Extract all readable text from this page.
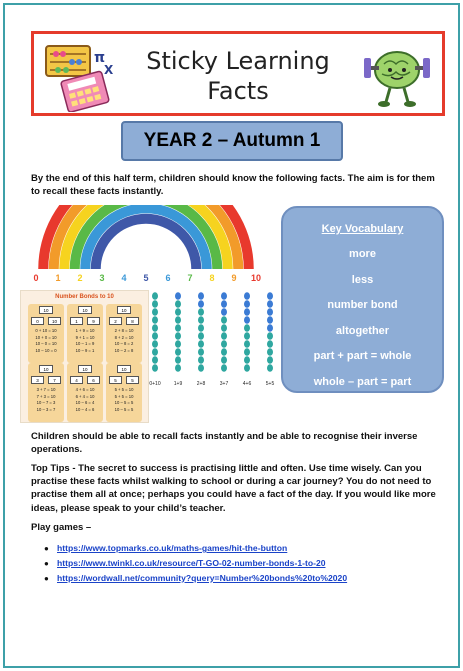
π
X	Sticky Learning
Facts
YEAR 2 – Autumn 1
By the end of this half term, children should know the following facts. The aim is for them to recall these facts instantly.
0 1 2 3 4 5 6 7 8 9 10
Key Vocabulary
more
less
number bond
altogether
part + part = whole
whole – part = part
Number Bonds to 10
10
0	10
0 + 10 = 10
10 + 0 = 10
10 – 0 = 10
10 – 10 = 0
10
1	9
1 + 9 = 10
9 + 1 = 10
10 – 1 = 9
10 – 9 = 1
10
2	8
2 + 8 = 10
8 + 2 = 10
10 – 8 = 2
10 – 2 = 8
10
3	7
3 + 7 = 10
7 + 3 = 10
10 – 7 = 3
10 – 3 = 7
10
4	6
4 + 6 = 10
6 + 4 = 10
10 – 6 = 4
10 – 4 = 6
10
5	5
5 + 5 = 10
5 + 5 = 10
10 – 5 = 5
10 – 5 = 5
0+10	1+9	2+8	3+7	4+6	5+5
Children should be able to recall facts instantly and be able to recognise their inverse operations.
Top Tips - The secret to success is practising little and often. Use time wisely. Can you practise these facts whilst walking to school or during a car journey? You do not need to practise them all at once; perhaps you could have a fact of the day. If you would like more ideas, please speak to your child’s teacher.
Play games –
● https://www.topmarks.co.uk/maths-games/hit-the-button
● https://www.twinkl.co.uk/resource/T-GO-02-number-bonds-1-to-20
● https://wordwall.net/community?query=Number%20bonds%20to%2020
